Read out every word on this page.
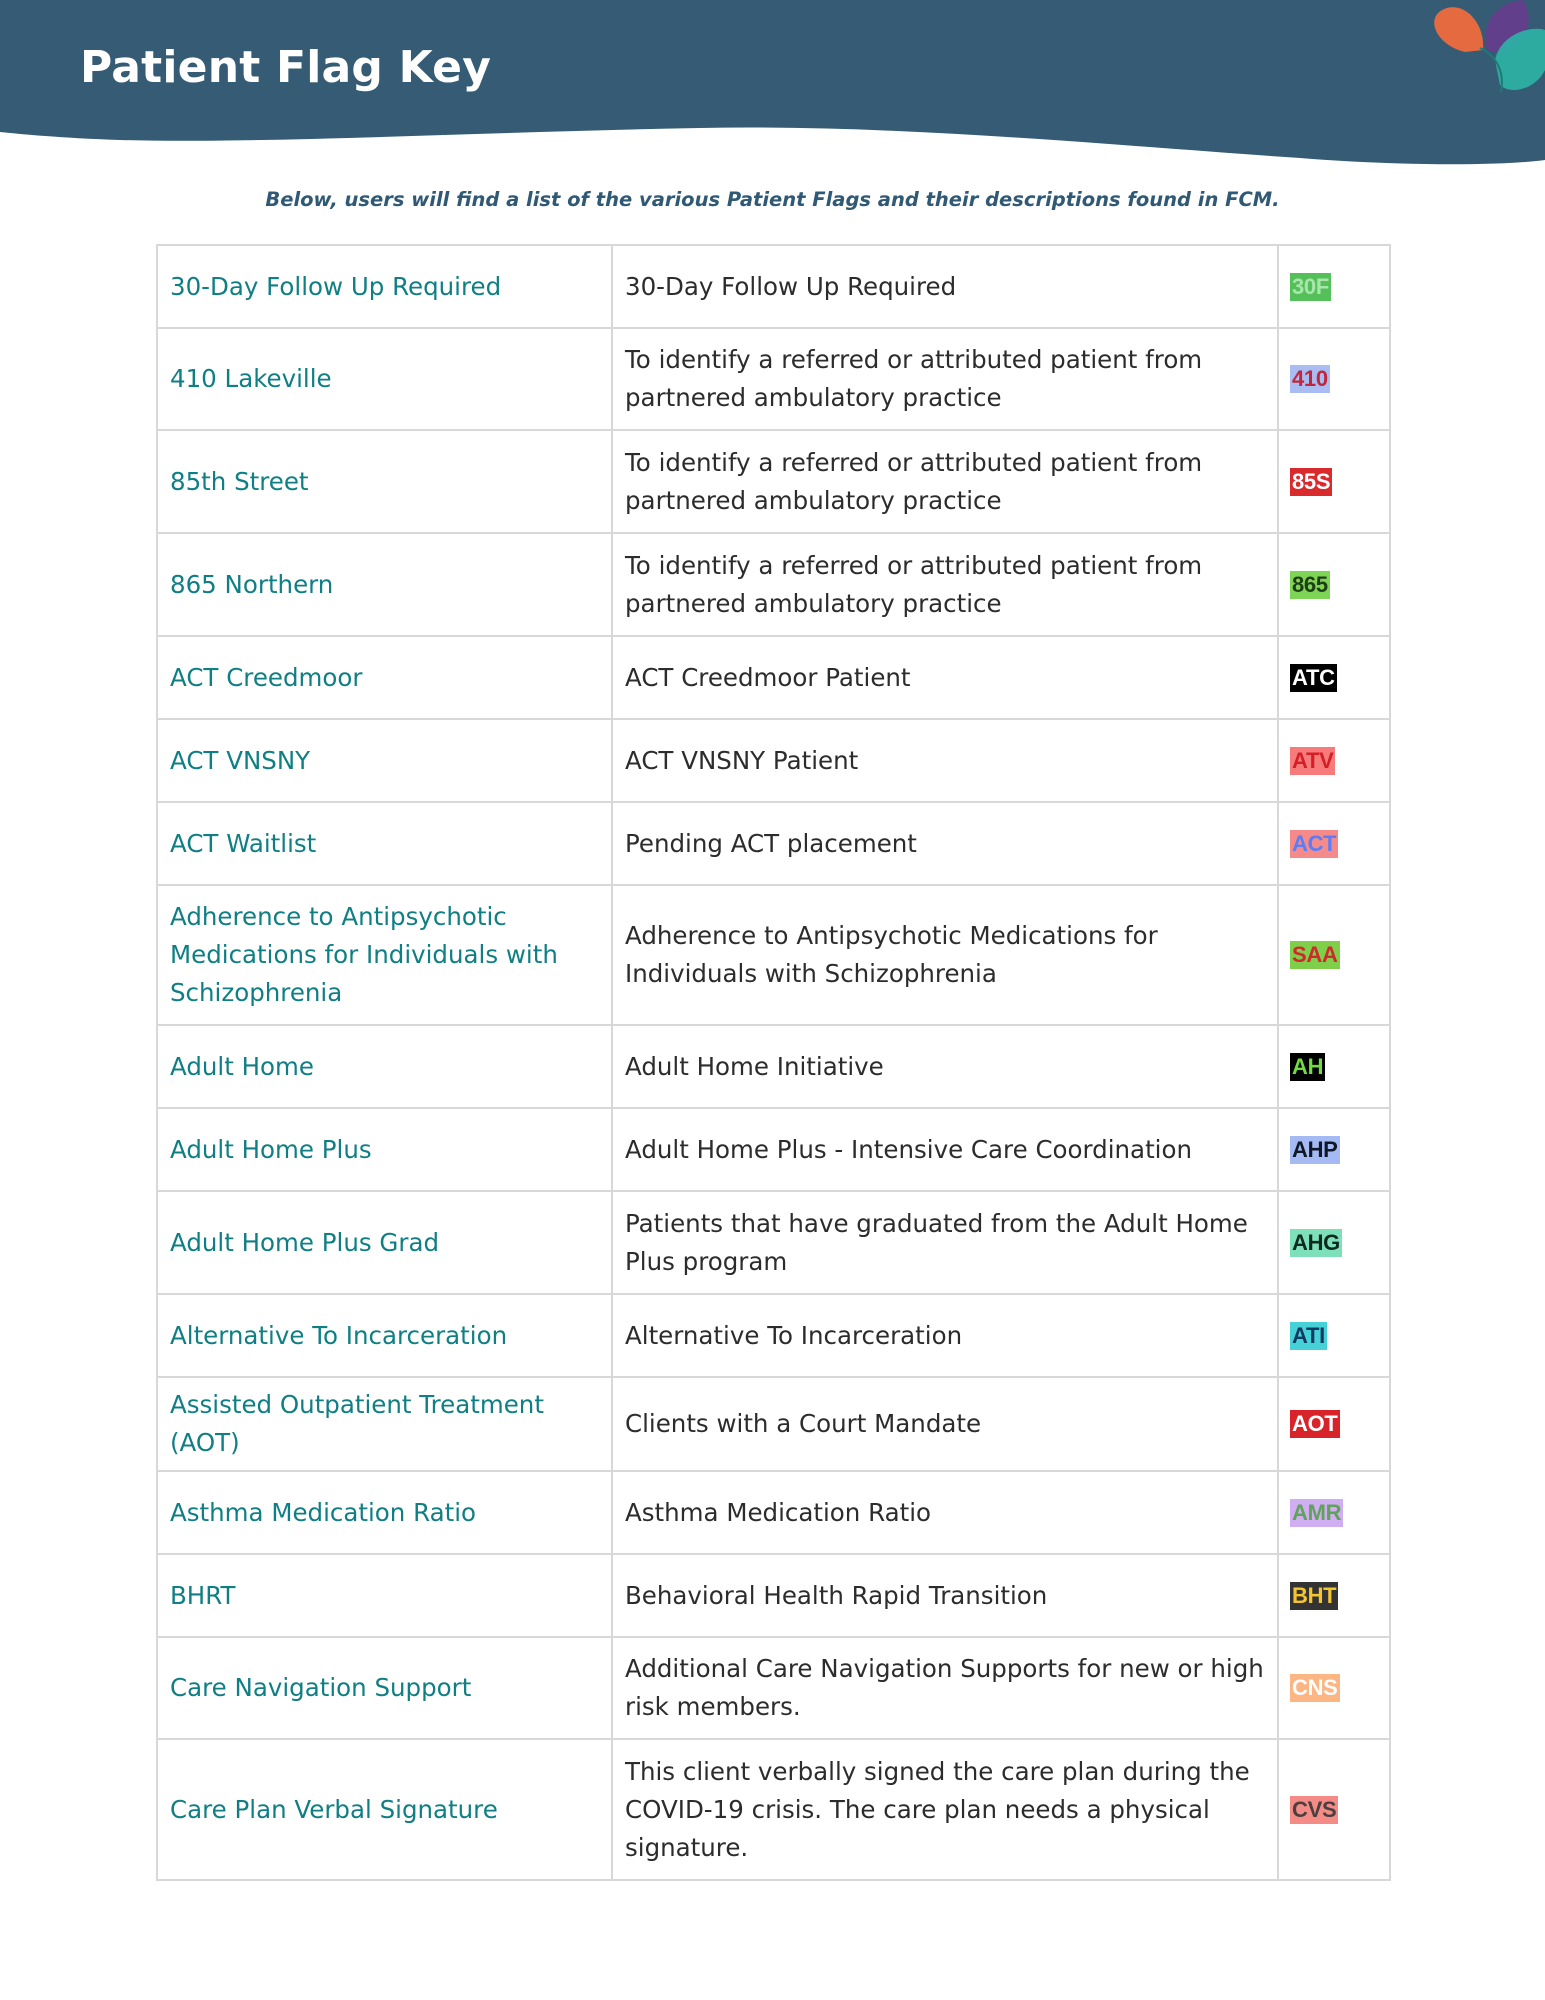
Patient Flag Key
Below, users will find a list of the various Patient Flags and their descriptions found in FCM.
30-Day Follow Up Required	30-Day Follow Up Required	30F
410 Lakeville	To identify a referred or attributed patient from partnered ambulatory practice	410
85th Street	To identify a referred or attributed patient from partnered ambulatory practice	85S
865 Northern	To identify a referred or attributed patient from partnered ambulatory practice	865
ACT Creedmoor	ACT Creedmoor Patient	ATC
ACT VNSNY	ACT VNSNY Patient	ATV
ACT Waitlist	Pending ACT placement	ACT
Adherence to Antipsychotic Medications for Individuals with Schizophrenia	Adherence to Antipsychotic Medications for Individuals with Schizophrenia	SAA
Adult Home	Adult Home Initiative	AH
Adult Home Plus	Adult Home Plus - Intensive Care Coordination	AHP
Adult Home Plus Grad	Patients that have graduated from the Adult Home Plus program	AHG
Alternative To Incarceration	Alternative To Incarceration	ATI
Assisted Outpatient Treatment (AOT)	Clients with a Court Mandate	AOT
Asthma Medication Ratio	Asthma Medication Ratio	AMR
BHRT	Behavioral Health Rapid Transition	BHT
Care Navigation Support	Additional Care Navigation Supports for new or high risk members.	CNS
Care Plan Verbal Signature	This client verbally signed the care plan during the COVID-19 crisis. The care plan needs a physical signature.	CVS
